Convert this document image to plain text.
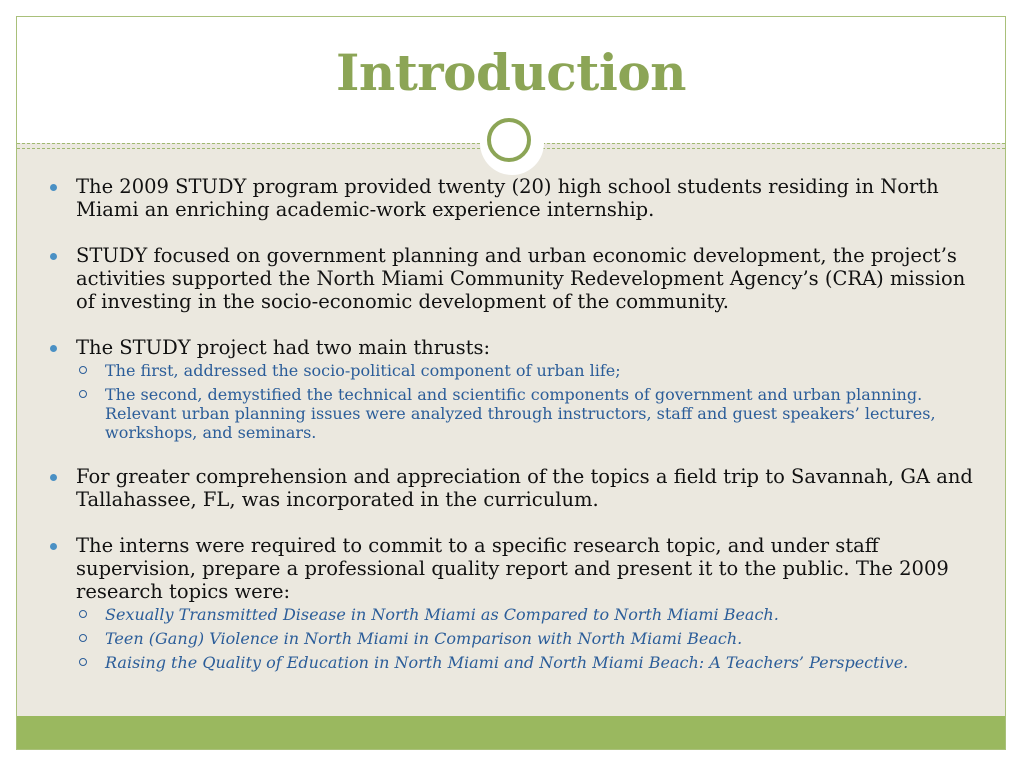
Introduction
The 2009 STUDY program provided twenty (20) high school students residing in North Miami an enriching academic-work experience internship.
STUDY focused on government planning and urban economic development, the project’s activities supported the North Miami Community Redevelopment Agency’s (CRA) mission of investing in the socio-economic development of the community.
The STUDY project had two main thrusts:
The first, addressed the socio-political component of urban life;
The second, demystified the technical and scientific components of government and urban planning. Relevant urban planning issues were analyzed through instructors, staff and guest speakers’ lectures, workshops, and seminars.
For greater comprehension and appreciation of the topics a field trip to Savannah, GA and Tallahassee, FL, was incorporated in the curriculum.
The interns were required to commit to a specific research topic, and under staff supervision, prepare a professional quality report and present it to the public. The 2009 research topics were:
Sexually Transmitted Disease in North Miami as Compared to North Miami Beach.
Teen (Gang) Violence in North Miami in Comparison with North Miami Beach.
Raising the Quality of Education in North Miami and North Miami Beach: A Teachers’ Perspective.
